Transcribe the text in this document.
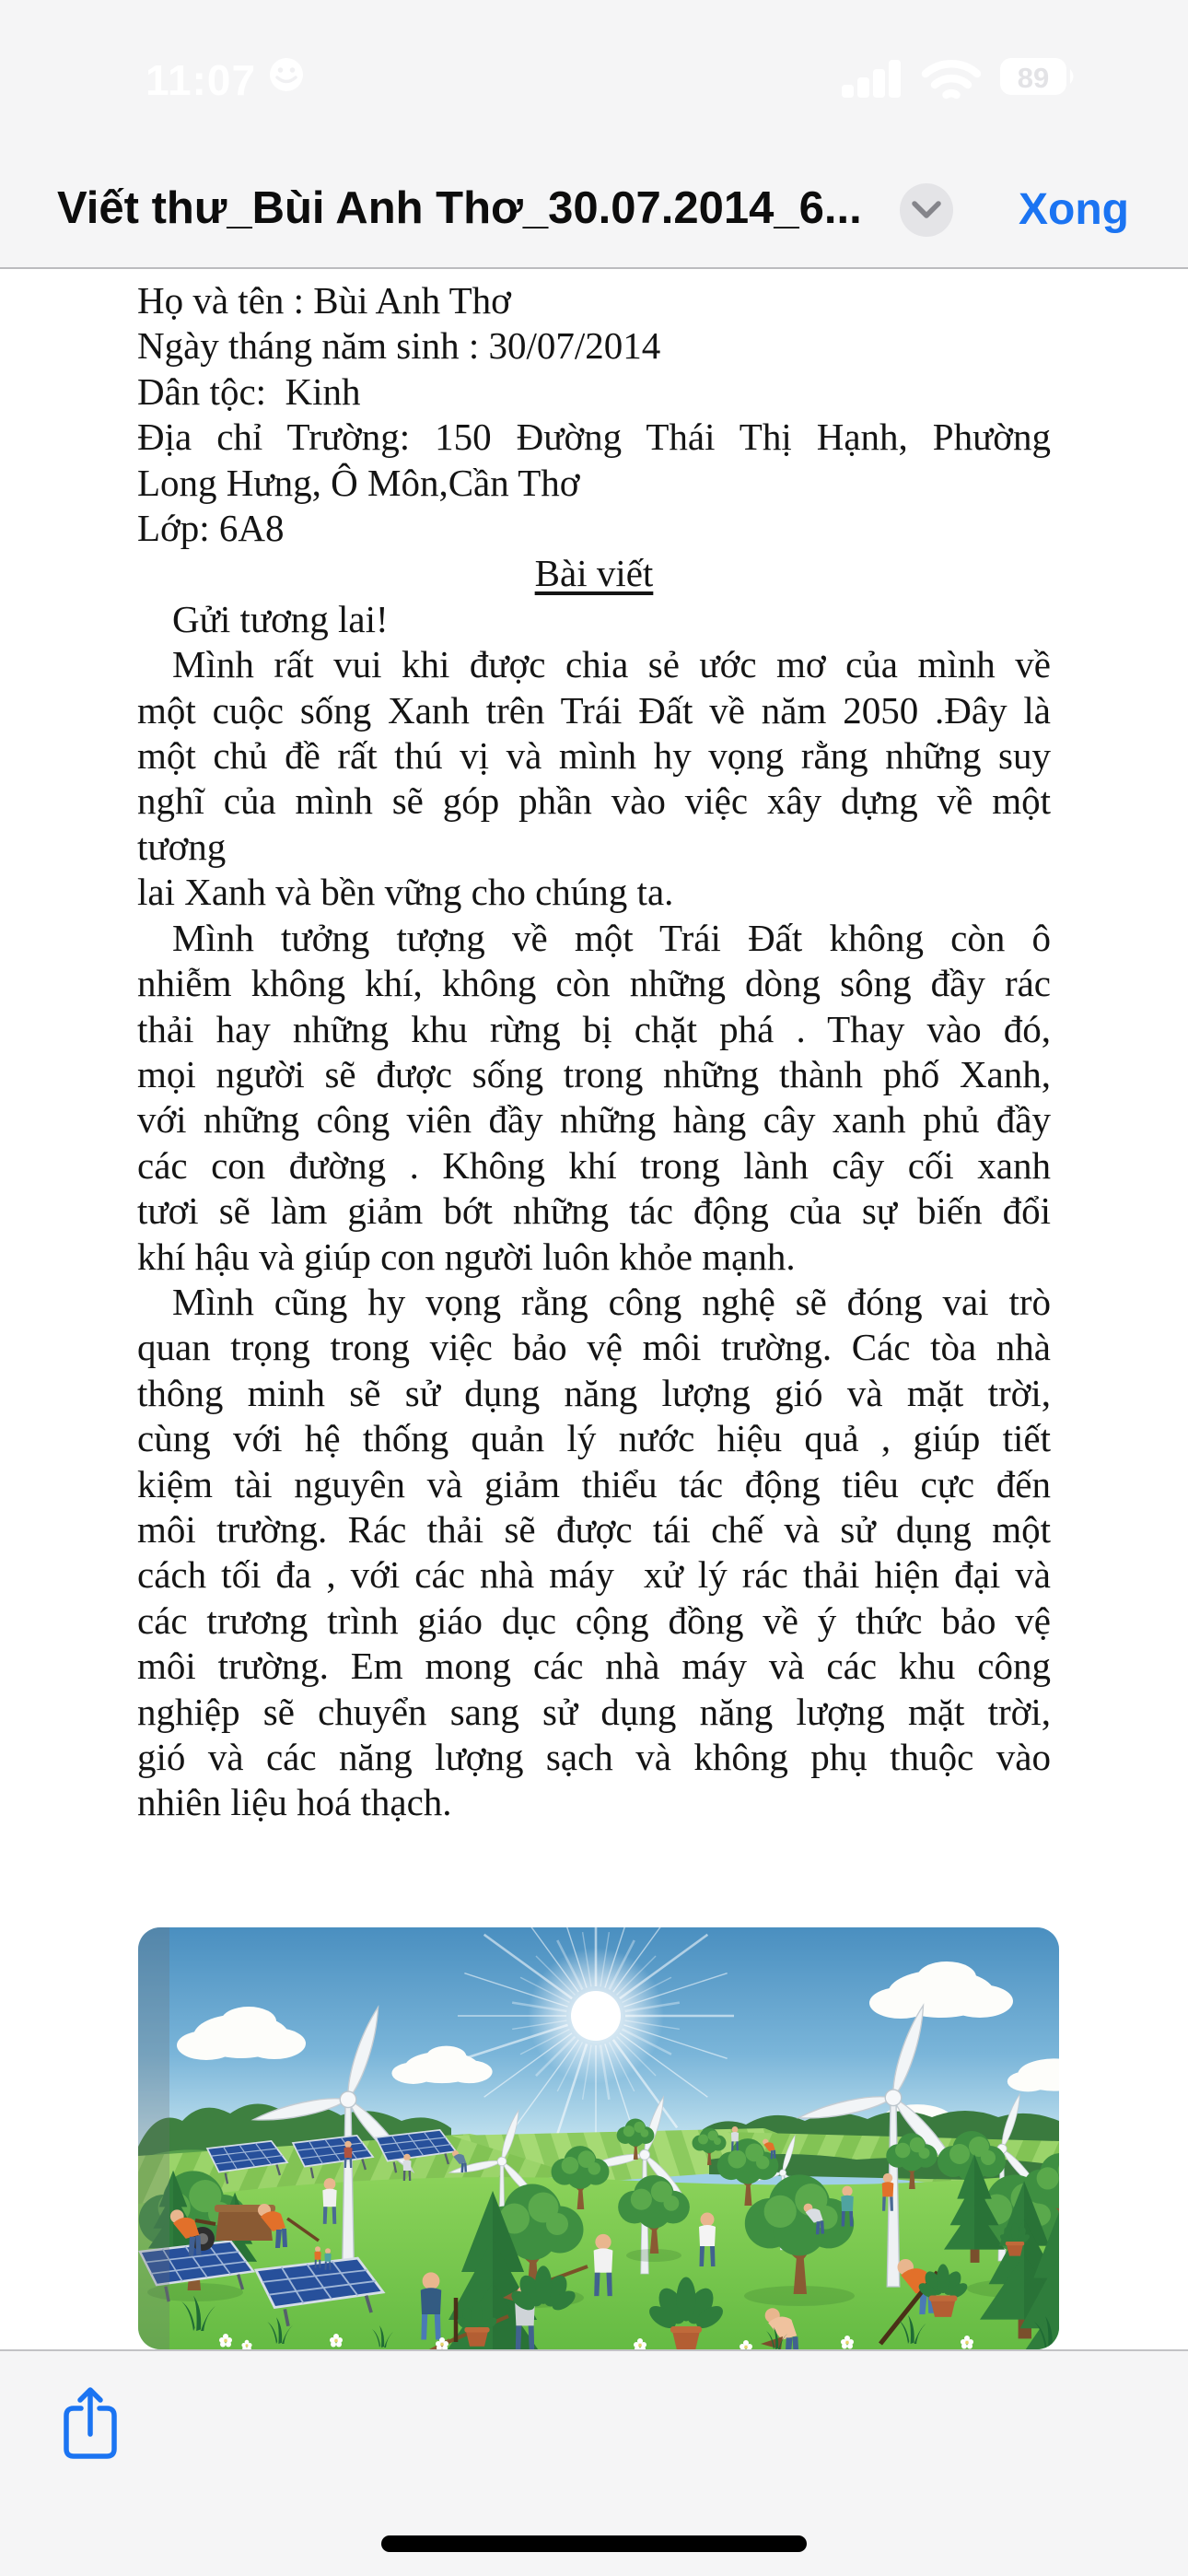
11:07	89
Viết thư_Bùi Anh Thơ_30.07.2014_6...	Xong
Họ và tên : Bùi Anh Thơ
Ngày tháng năm sinh : 30/07/2014
Dân tộc:  Kinh
Địa chỉ Trường: 150 Đường Thái Thị Hạnh, Phường
Long Hưng, Ô Môn,Cần Thơ
Lớp: 6A8
Bài viết
Gửi tương lai!
Mình rất vui khi được chia sẻ ước mơ của mình về
một cuộc sống Xanh trên Trái Đất về năm 2050 .Đây là
một chủ đề rất thú vị và mình hy vọng rằng những suy
nghĩ của mình sẽ góp phần vào việc xây dựng về một
tương
lai Xanh và bền vững cho chúng ta.
Mình tưởng tượng về một Trái Đất không còn ô
nhiễm không khí, không còn những dòng sông đầy rác
thải hay những khu rừng bị chặt phá . Thay vào đó,
mọi người sẽ được sống trong những thành phố Xanh,
với những công viên đầy những hàng cây xanh phủ đầy
các con đường . Không khí trong lành cây cối xanh
tươi sẽ làm giảm bớt những tác động của sự biến đổi
khí hậu và giúp con người luôn khỏe mạnh.
Mình cũng hy vọng rằng công nghệ sẽ đóng vai trò
quan trọng trong việc bảo vệ môi trường. Các tòa nhà
thông minh sẽ sử dụng năng lượng gió và mặt trời,
cùng với hệ thống quản lý nước hiệu quả , giúp tiết
kiệm tài nguyên và giảm thiểu tác động tiêu cực đến
môi trường. Rác thải sẽ được tái chế và sử dụng một
cách tối đa , với các nhà máy  xử lý rác thải hiện đại và
các trương trình giáo dục cộng đồng về ý thức bảo vệ
môi trường. Em mong các nhà máy và các khu công
nghiệp sẽ chuyển sang sử dụng năng lượng mặt trời,
gió và các năng lượng sạch và không phụ thuộc vào
nhiên liệu hoá thạch.
